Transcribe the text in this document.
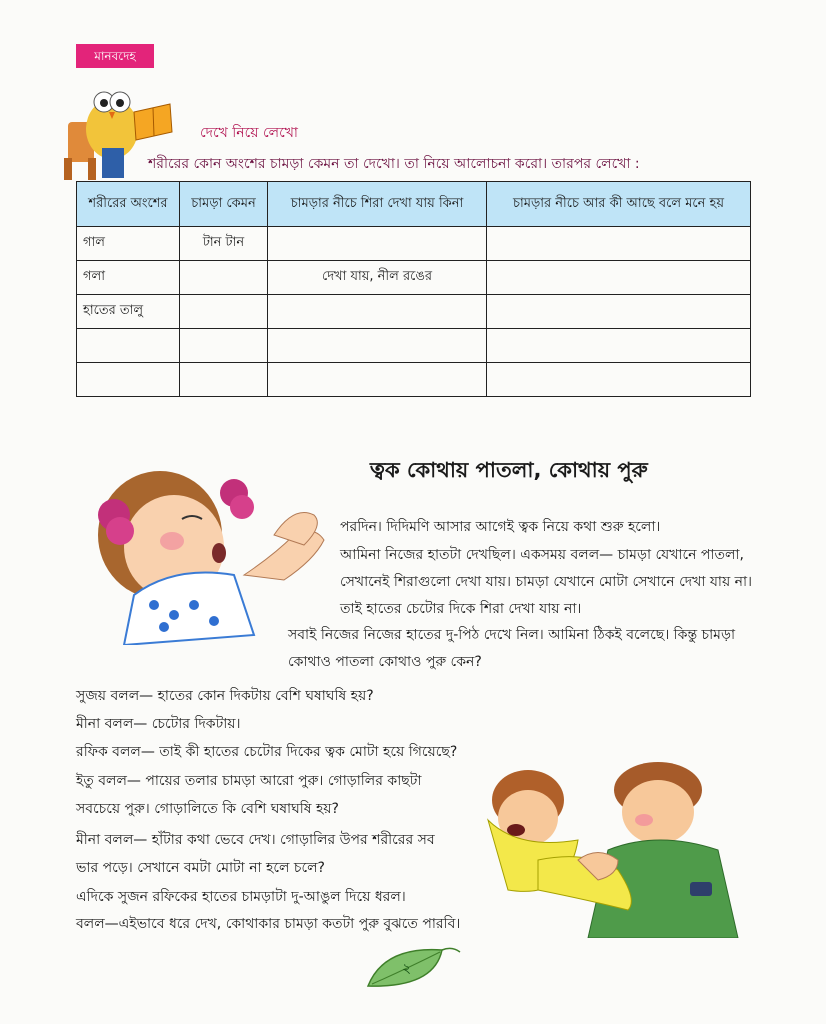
মানবদেহ
দেখে নিয়ে লেখো
শরীরের কোন অংশের চামড়া কেমন তা দেখো। তা নিয়ে আলোচনা করো। তারপর লেখো :
শরীরের অংশের	চামড়া কেমন	চামড়ার নীচে শিরা দেখা যায় কিনা	চামড়ার নীচে আর কী আছে বলে মনে হয়
গাল	টান টান		
গলা		দেখা যায়, নীল রঙের	
হাতের তালু			

ত্বক কোথায় পাতলা, কোথায় পুরু

পরদিন। দিদিমণি আসার আগেই ত্বক নিয়ে কথা শুরু হলো।

আমিনা নিজের হাতটা দেখছিল। একসময় বলল— চামড়া যেখানে পাতলা, সেখানেই শিরাগুলো দেখা যায়। চামড়া যেখানে মোটা সেখানে দেখা যায় না। তাই হাতের চেটোর দিকে শিরা দেখা যায় না।

সবাই নিজের নিজের হাতের দু-পিঠ দেখে নিল। আমিনা ঠিকই বলেছে। কিন্তু চামড়া কোথাও পাতলা কোথাও পুরু কেন?

সুজয় বলল— হাতের কোন দিকটায় বেশি ঘষাঘষি হয়?
মীনা বলল— চেটোর দিকটায়।
রফিক বলল— তাই কী হাতের চেটোর দিকের ত্বক মোটা হয়ে গিয়েছে?
ইতু বলল— পায়ের তলার চামড়া আরো পুরু। গোড়ালির কাছটা
সবচেয়ে পুরু। গোড়ালিতে কি বেশি ঘষাঘষি হয়?
মীনা বলল— হাঁটার কথা ভেবে দেখ। গোড়ালির উপর শরীরের সব
ভার পড়ে। সেখানে বমটা মোটা না হলে চলে?
এদিকে সুজন রফিকের হাতের চামড়াটা দু-আঙুল দিয়ে ধরল।
বলল—এইভাবে ধরে দেখ, কোথাকার চামড়া কতটা পুরু বুঝতে পারবি।
২
